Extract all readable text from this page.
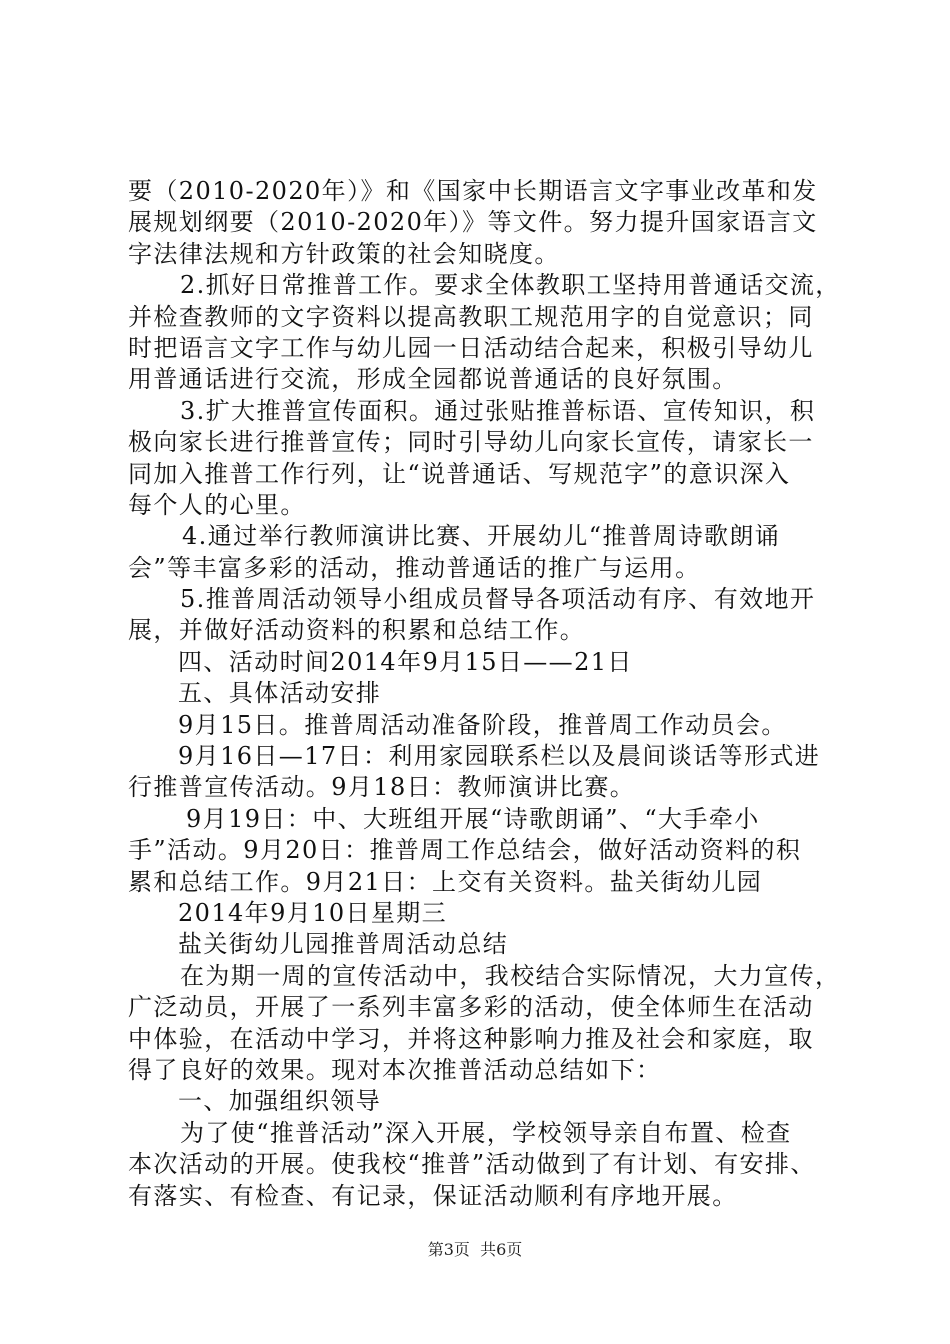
要（2010-2020年）》和《国家中长期语言文字事业改革和发
展规划纲要（2010-2020年）》等文件。努力提升国家语言文
字法律法规和方针政策的社会知晓度。
2.抓好日常推普工作。要求全体教职工坚持用普通话交流，
并检查教师的文字资料以提高教职工规范用字的自觉意识；同
时把语言文字工作与幼儿园一日活动结合起来，积极引导幼儿
用普通话进行交流，形成全园都说普通话的良好氛围。
3.扩大推普宣传面积。通过张贴推普标语、宣传知识，积
极向家长进行推普宣传；同时引导幼儿向家长宣传，请家长一
同加入推普工作行列，让“说普通话、写规范字”的意识深入
每个人的心里。
4.通过举行教师演讲比赛、开展幼儿“推普周诗歌朗诵
会”等丰富多彩的活动，推动普通话的推广与运用。
5.推普周活动领导小组成员督导各项活动有序、有效地开
展，并做好活动资料的积累和总结工作。
四、活动时间2014年9月15日——21日
五、具体活动安排
9月15日。推普周活动准备阶段，推普周工作动员会。
9月16日—17日：利用家园联系栏以及晨间谈话等形式进
行推普宣传活动。9月18日：教师演讲比赛。
9月19日：中、大班组开展“诗歌朗诵”、“大手牵小
手”活动。9月20日：推普周工作总结会，做好活动资料的积
累和总结工作。9月21日：上交有关资料。盐关街幼儿园
2014年9月10日星期三
盐关街幼儿园推普周活动总结
在为期一周的宣传活动中，我校结合实际情况，大力宣传，
广泛动员，开展了一系列丰富多彩的活动，使全体师生在活动
中体验，在活动中学习，并将这种影响力推及社会和家庭，取
得了良好的效果。现对本次推普活动总结如下：
一、加强组织领导
为了使“推普活动”深入开展，学校领导亲自布置、检查
本次活动的开展。使我校“推普”活动做到了有计划、有安排、
有落实、有检查、有记录，保证活动顺利有序地开展。
第3页  共6页
